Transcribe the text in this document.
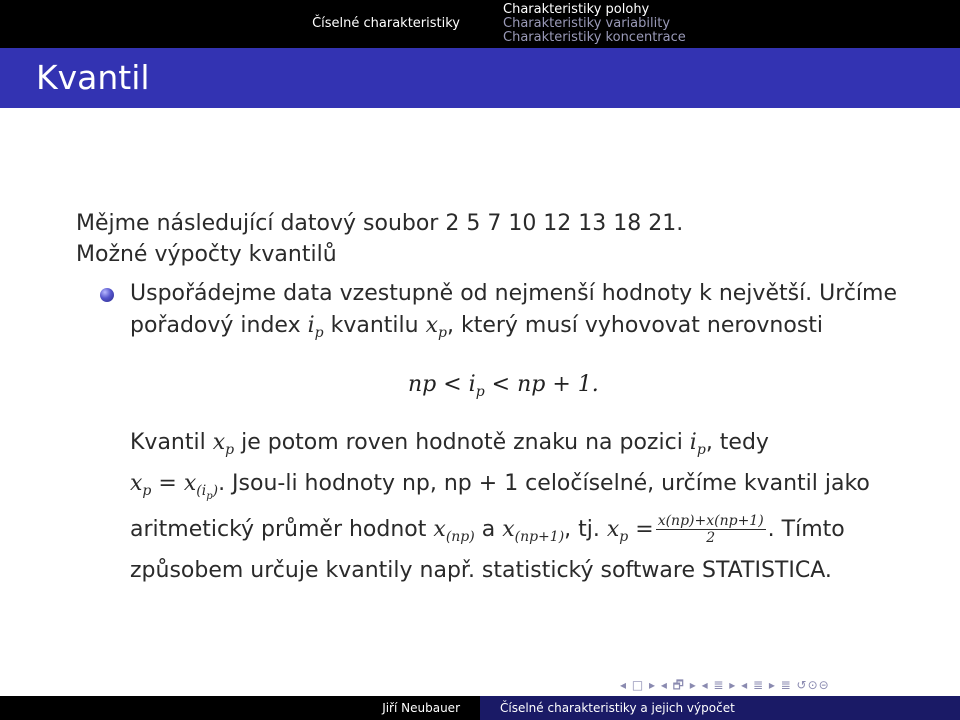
Číselné charakteristiky
Charakteristiky polohy
Charakteristiky variability
Charakteristiky koncentrace
Kvantil
Mějme následující datový soubor 2 5 7 10 12 13 18 21.
Možné výpočty kvantilů
Uspořádejme data vzestupně od nejmenší hodnoty k největší. Určíme
pořadový index $i_p$ kvantilu $x_p$, který musí vyhovovat nerovnosti
np < $i_p$ < np + 1.
Kvantil $x_p$ je potom roven hodnotě znaku na pozici $i_p$, tedy
$x_p = x_{(i_p)}$. Jsou-li hodnoty np, np + 1 celočíselné, určíme kvantil jako
aritmetický průměr hodnot $x_{(np)}$ a $x_{(np+1)}$, tj. $x_p = \frac{x(np)+x(np+1)}{2}$ . Tímto
způsobem určuje kvantily např. statistický software STATISTICA.
◂ □ ▸ ◂ 🗗 ▸ ◂ ≣ ▸ ◂ ≣ ▸ ≣ ↺⊙⊝
Jiří Neubauer	Číselné charakteristiky a jejich výpočet
